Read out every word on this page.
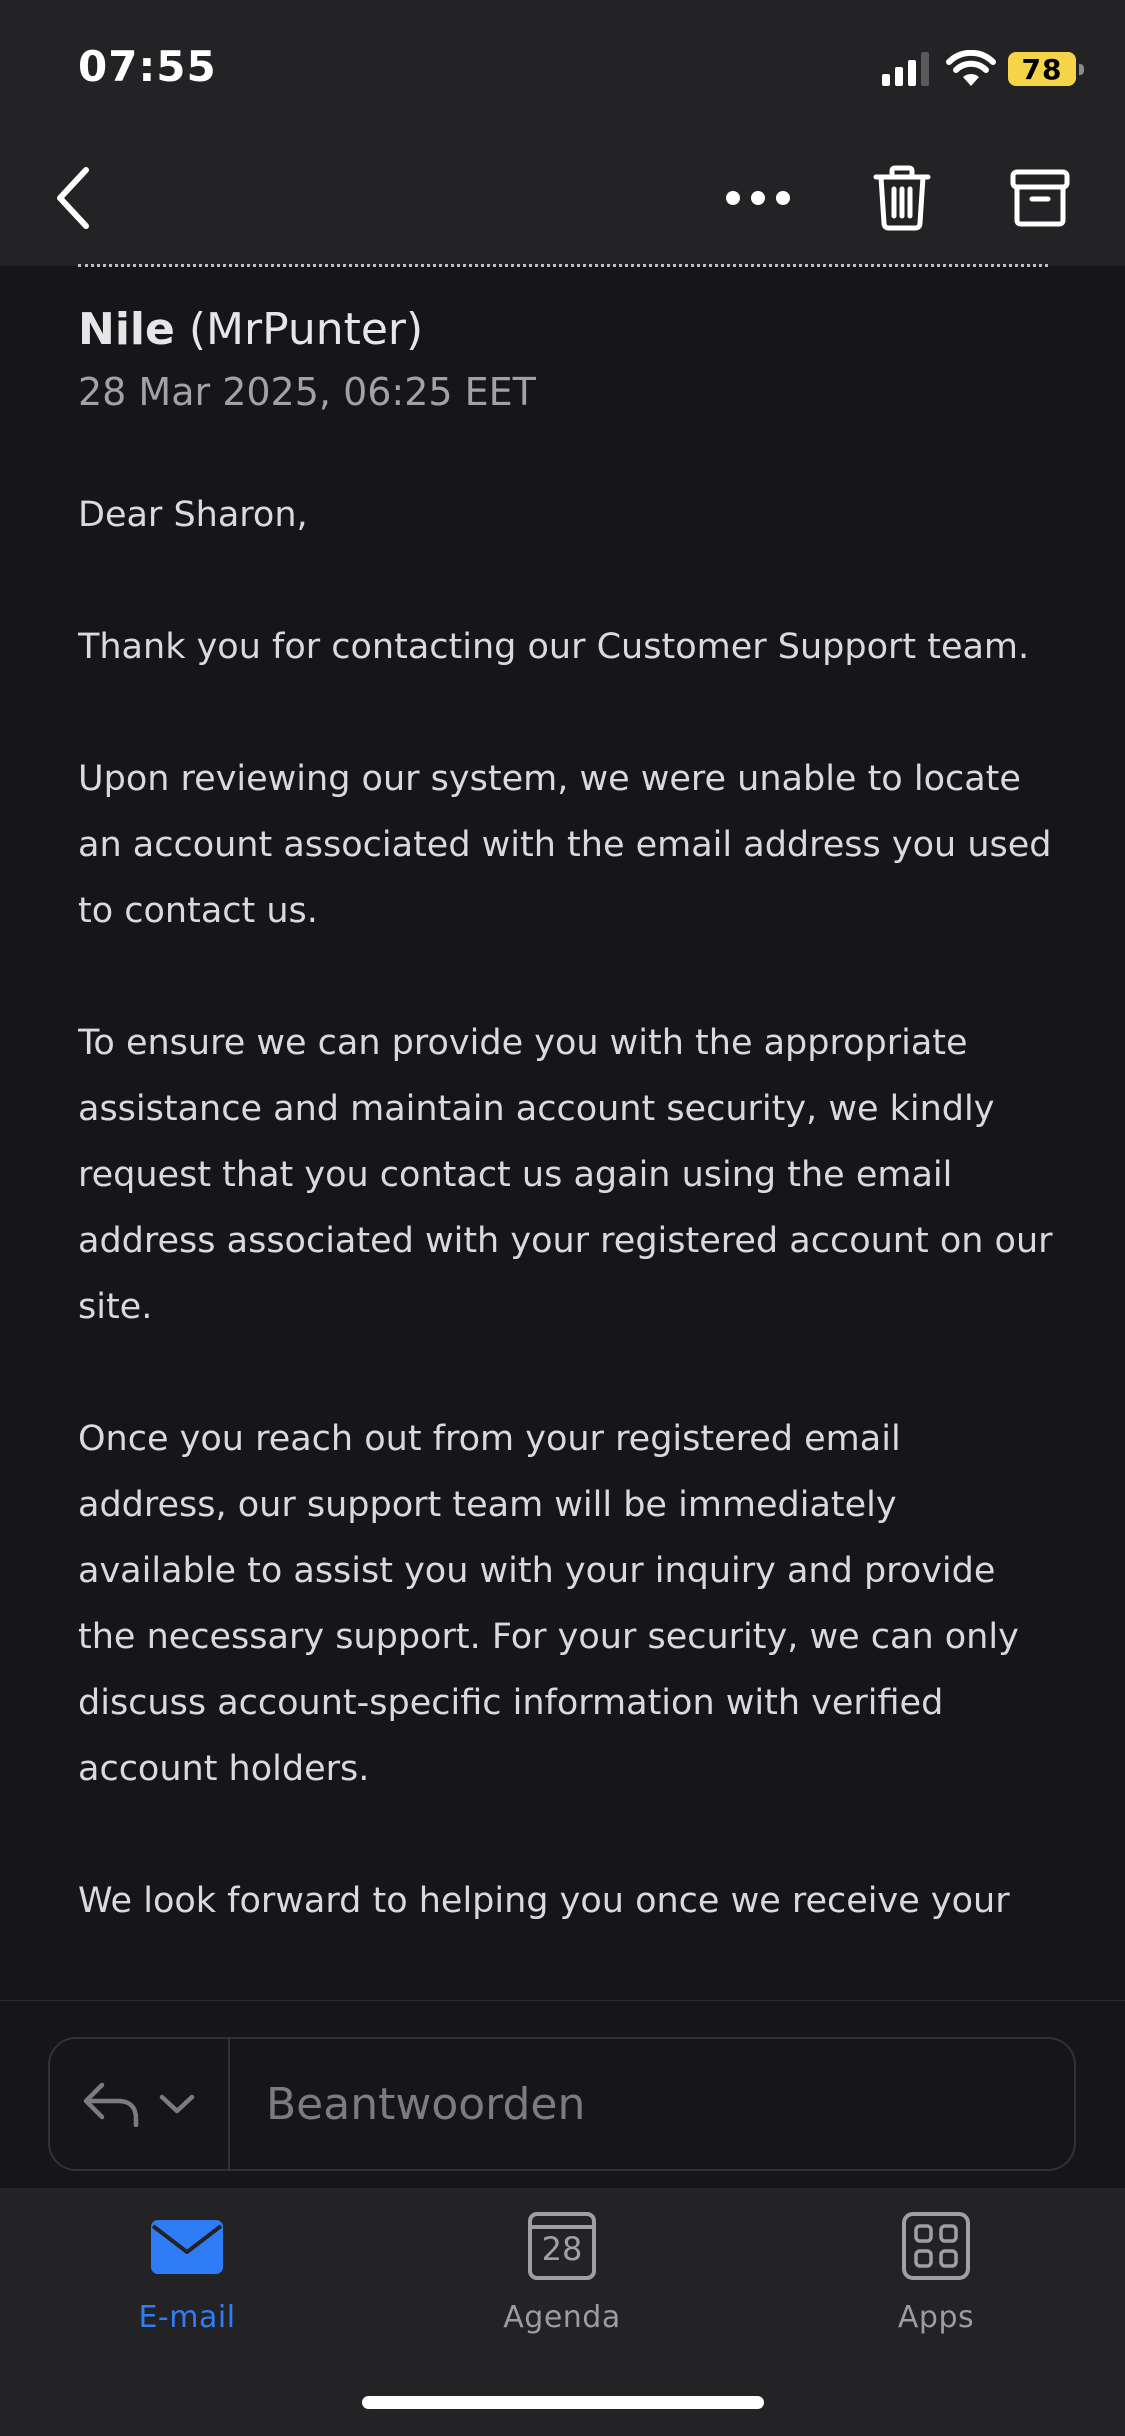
07:55	78
Nile (MrPunter)
28 Mar 2025, 06:25 EET

Dear Sharon,

Thank you for contacting our Customer Support team.

Upon reviewing our system, we were unable to locate an account associated with the email address you used to contact us.

To ensure we can provide you with the appropriate assistance and maintain account security, we kindly request that you contact us again using the email address associated with your registered account on our site.

Once you reach out from your registered email address, our support team will be immediately available to assist you with your inquiry and provide the necessary support. For your security, we can only discuss account-specific information with verified account holders.

We look forward to helping you once we receive your

Beantwoorden
E-mail
28
Agenda	Apps
